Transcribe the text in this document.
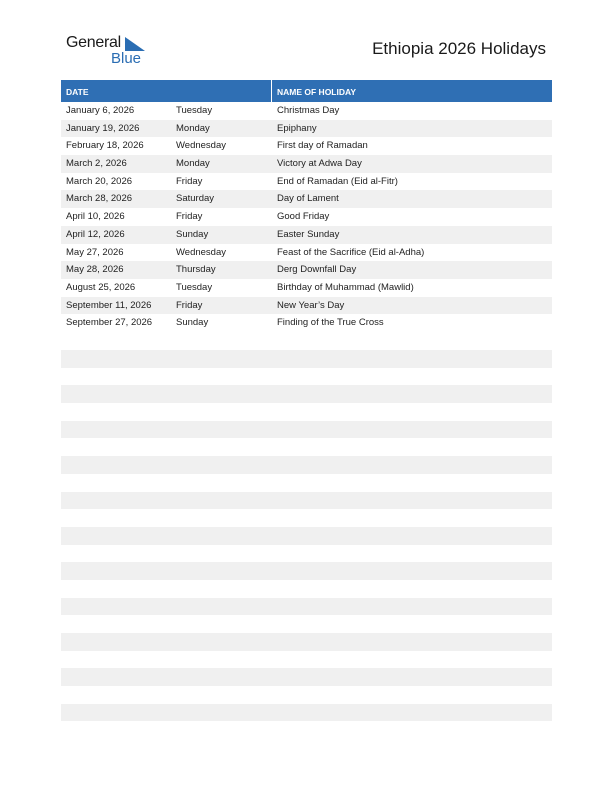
General
Blue
Ethiopia 2026 Holidays
DATE	NAME OF HOLIDAY
January 6, 2026	Tuesday	Christmas Day
January 19, 2026	Monday	Epiphany
February 18, 2026	Wednesday	First day of Ramadan
March 2, 2026	Monday	Victory at Adwa Day
March 20, 2026	Friday	End of Ramadan (Eid al-Fitr)
March 28, 2026	Saturday	Day of Lament
April 10, 2026	Friday	Good Friday
April 12, 2026	Sunday	Easter Sunday
May 27, 2026	Wednesday	Feast of the Sacrifice (Eid al-Adha)
May 28, 2026	Thursday	Derg Downfall Day
August 25, 2026	Tuesday	Birthday of Muhammad (Mawlid)
September 11, 2026	Friday	New Year’s Day
September 27, 2026	Sunday	Finding of the True Cross
